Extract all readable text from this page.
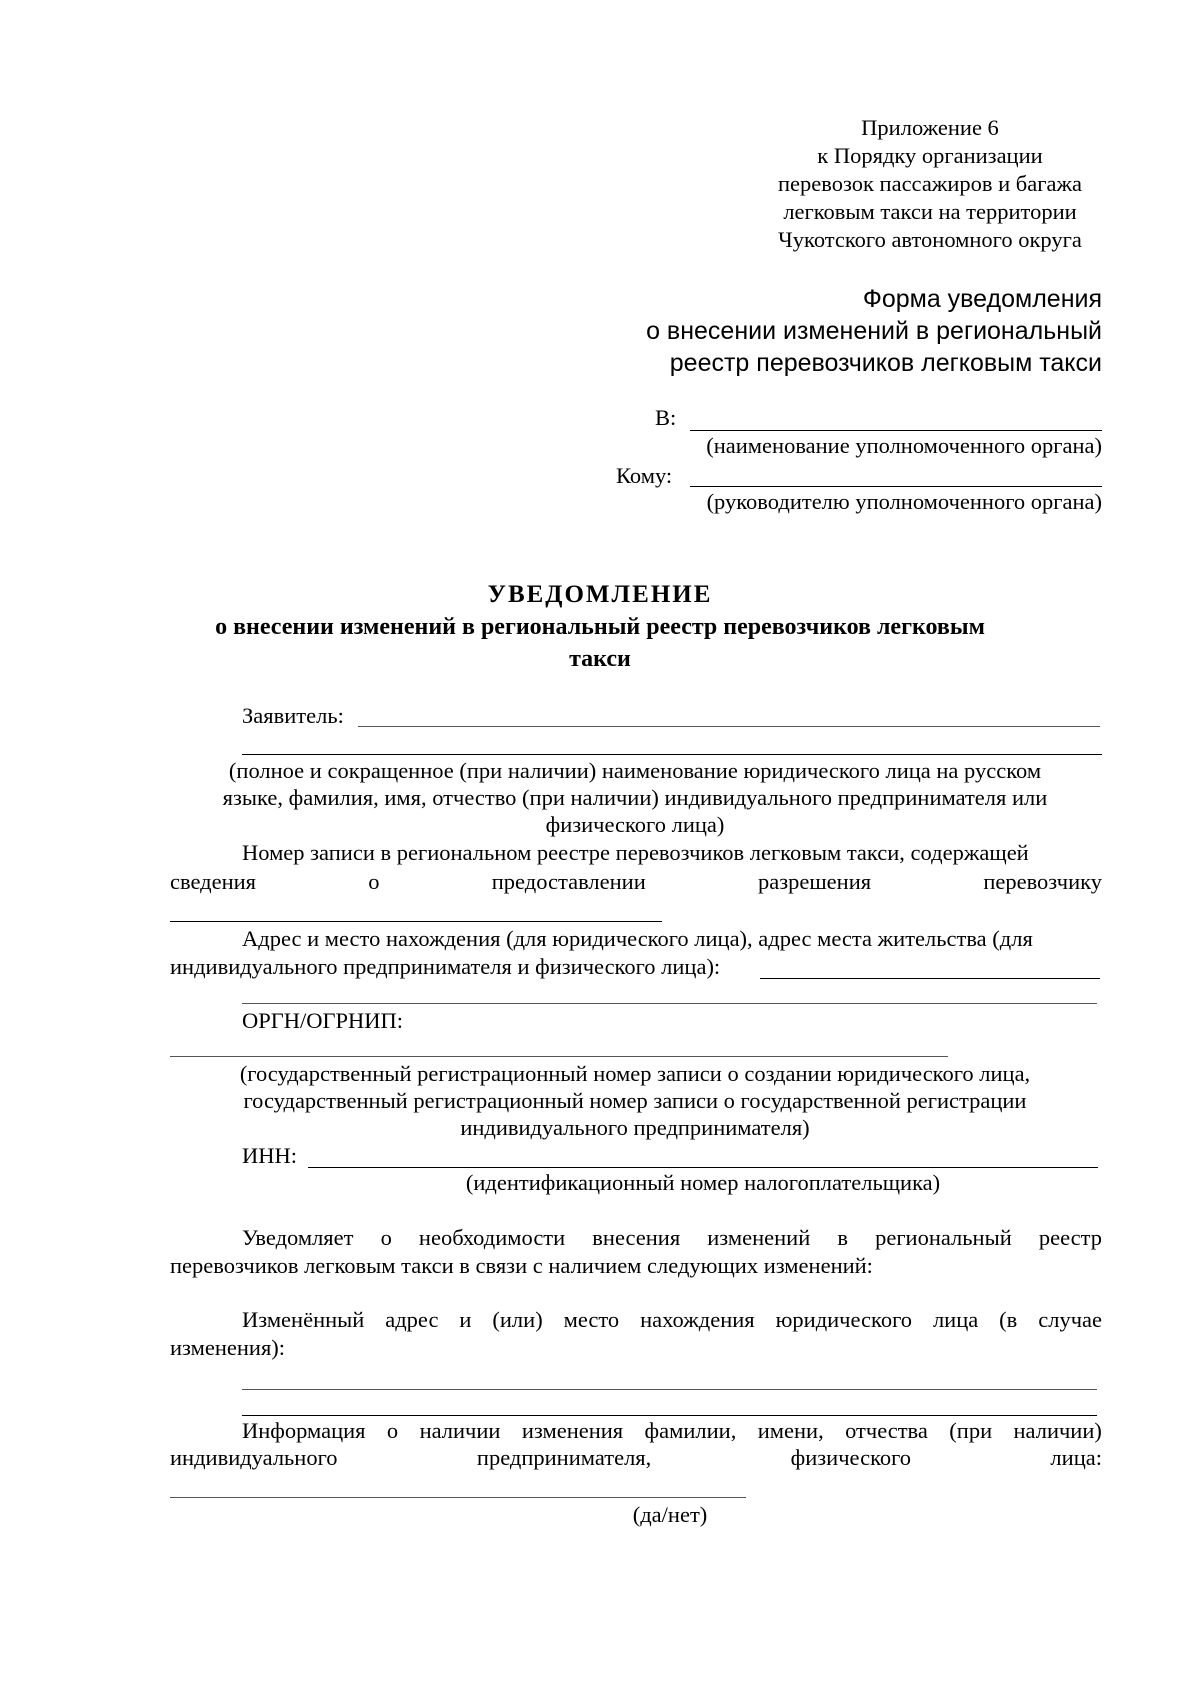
Приложение 6
к Порядку организации
перевозок пассажиров и багажа
легковым такси на территории
Чукотского автономного округа
Форма уведомления
о внесении изменений в региональный
реестр перевозчиков легковым такси
В:
(наименование уполномоченного органа)
Кому:
(руководителю уполномоченного органа)
УВЕДОМЛЕНИЕ
о внесении изменений в региональный реестр перевозчиков легковым
такси
Заявитель:
(полное и сокращенное (при наличии) наименование юридического лица на русском
языке, фамилия, имя, отчество (при наличии) индивидуального предпринимателя или
физического лица)
Номер записи в региональном реестре перевозчиков легковым такси, содержащей
сведения	о	предоставлении	разрешения	перевозчику
Адрес и место нахождения (для юридического лица), адрес места жительства (для
индивидуального предпринимателя и физического лица):
ОРГН/ОГРНИП:
(государственный регистрационный номер записи о создании юридического лица,
государственный регистрационный номер записи о государственной регистрации
индивидуального предпринимателя)
ИНН:
(идентификационный номер налогоплательщика)
Уведомляет о необходимости внесения изменений в региональный реестр
перевозчиков легковым такси в связи с наличием следующих изменений:
Изменённый адрес и (или) место нахождения юридического лица (в случае
изменения):
Информация о наличии изменения фамилии, имени, отчества (при наличии)
индивидуального	предпринимателя,	физического	лица:
(да/нет)
